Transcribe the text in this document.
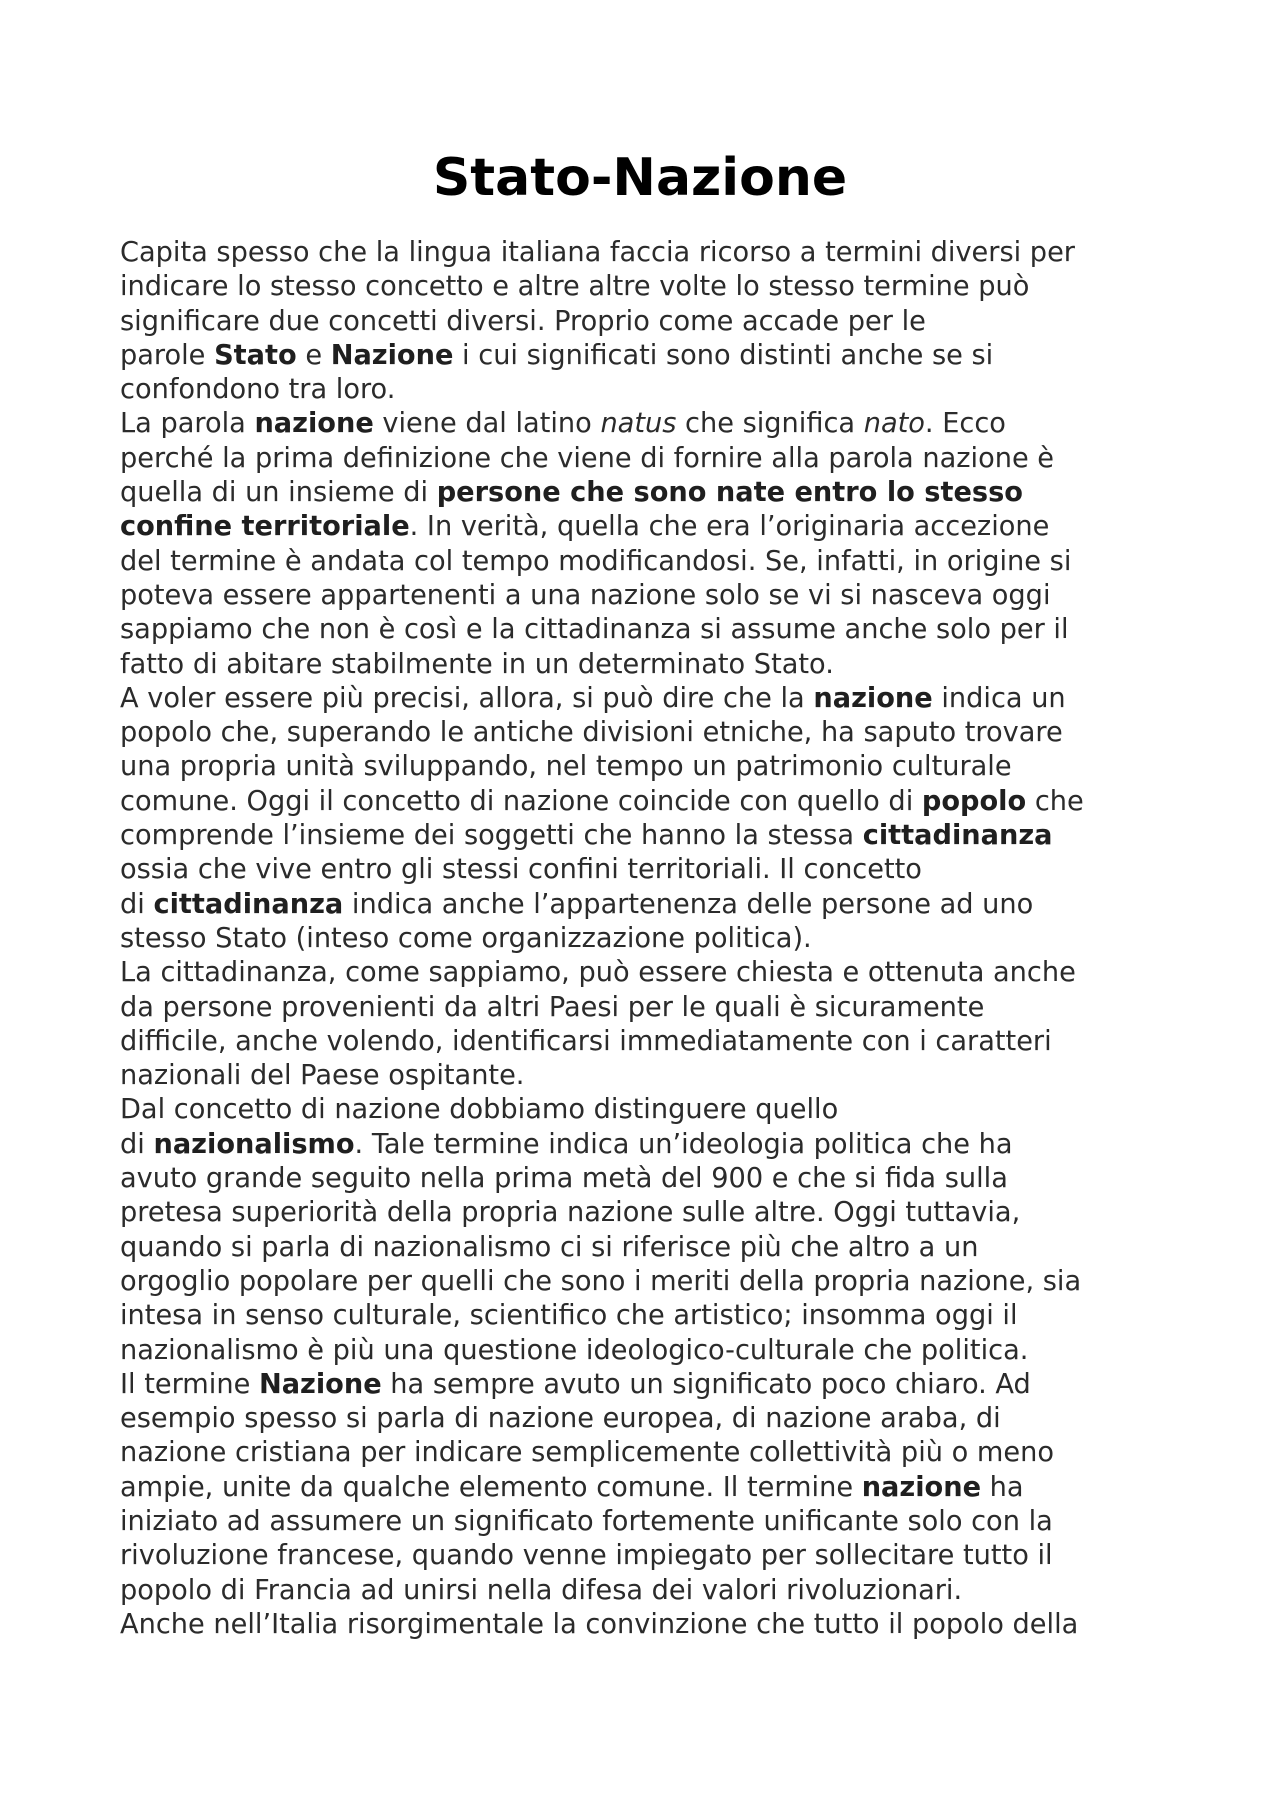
Stato-Nazione

Capita spesso che la lingua italiana faccia ricorso a termini diversi per
indicare lo stesso concetto e altre altre volte lo stesso termine può
significare due concetti diversi. Proprio come accade per le
parole Stato e Nazione i cui significati sono distinti anche se si
confondono tra loro.

La parola nazione viene dal latino natus che significa nato. Ecco
perché la prima definizione che viene di fornire alla parola nazione è
quella di un insieme di persone che sono nate entro lo stesso
confine territoriale. In verità, quella che era l’originaria accezione
del termine è andata col tempo modificandosi. Se, infatti, in origine si
poteva essere appartenenti a una nazione solo se vi si nasceva oggi
sappiamo che non è così e la cittadinanza si assume anche solo per il
fatto di abitare stabilmente in un determinato Stato.

A voler essere più precisi, allora, si può dire che la nazione indica un
popolo che, superando le antiche divisioni etniche, ha saputo trovare
una propria unità sviluppando, nel tempo un patrimonio culturale
comune. Oggi il concetto di nazione coincide con quello di popolo che
comprende l’insieme dei soggetti che hanno la stessa cittadinanza
ossia che vive entro gli stessi confini territoriali. Il concetto
di cittadinanza indica anche l’appartenenza delle persone ad uno
stesso Stato (inteso come organizzazione politica).

La cittadinanza, come sappiamo, può essere chiesta e ottenuta anche
da persone provenienti da altri Paesi per le quali è sicuramente
difficile, anche volendo, identificarsi immediatamente con i caratteri
nazionali del Paese ospitante.

Dal concetto di nazione dobbiamo distinguere quello
di nazionalismo. Tale termine indica un’ideologia politica che ha
avuto grande seguito nella prima metà del 900 e che si fida sulla
pretesa superiorità della propria nazione sulle altre. Oggi tuttavia,
quando si parla di nazionalismo ci si riferisce più che altro a un
orgoglio popolare per quelli che sono i meriti della propria nazione, sia
intesa in senso culturale, scientifico che artistico; insomma oggi il
nazionalismo è più una questione ideologico-culturale che politica.

Il termine Nazione ha sempre avuto un significato poco chiaro. Ad
esempio spesso si parla di nazione europea, di nazione araba, di
nazione cristiana per indicare semplicemente collettività più o meno
ampie, unite da qualche elemento comune. Il termine nazione ha
iniziato ad assumere un significato fortemente unificante solo con la
rivoluzione francese, quando venne impiegato per sollecitare tutto il
popolo di Francia ad unirsi nella difesa dei valori rivoluzionari.

Anche nell’Italia risorgimentale la convinzione che tutto il popolo della
